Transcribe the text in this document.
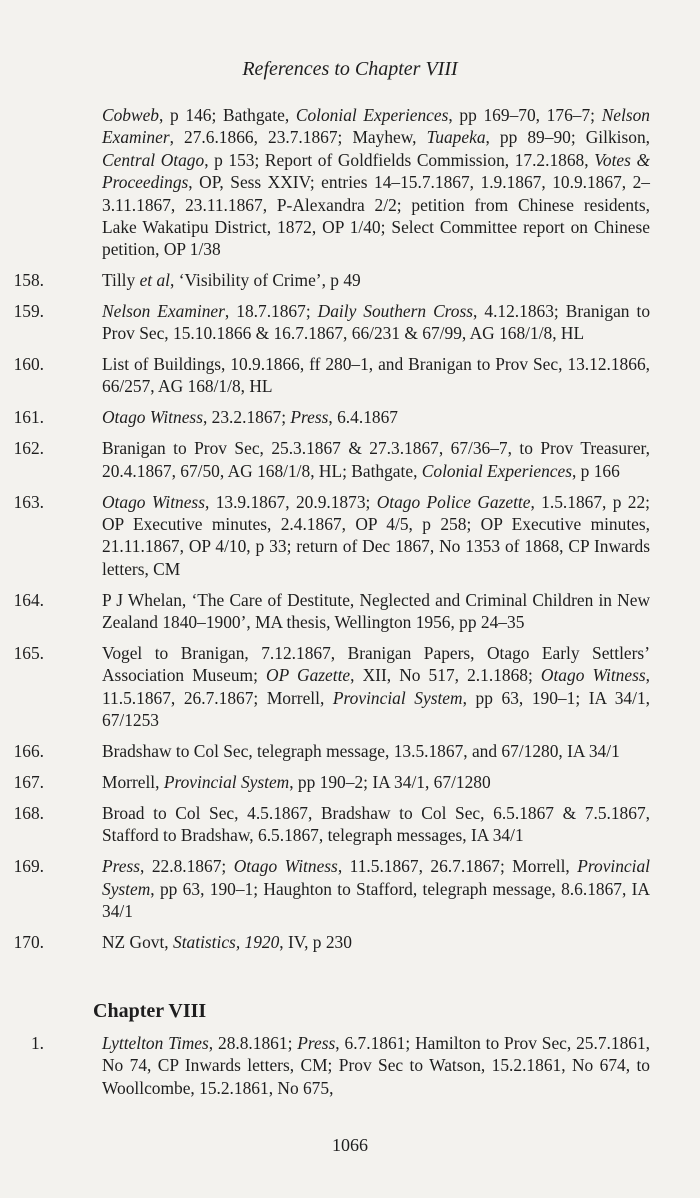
References to Chapter VIII
Cobweb, p 146; Bathgate, Colonial Experiences, pp 169–70, 176–7; Nelson Examiner, 27.6.1866, 23.7.1867; Mayhew, Tuapeka, pp 89–90; Gilkison, Central Otago, p 153; Report of Goldfields Commission, 17.2.1868, Votes & Proceedings, OP, Sess XXIV; entries 14–15.7.1867, 1.9.1867, 10.9.1867, 2–3.11.1867, 23.11.1867, P-Alexandra 2/2; petition from Chinese residents, Lake Wakatipu District, 1872, OP 1/40; Select Committee report on Chinese petition, OP 1/38
158.	Tilly et al, ‘Visibility of Crime’, p 49
159.	Nelson Examiner, 18.7.1867; Daily Southern Cross, 4.12.1863; Branigan to Prov Sec, 15.10.1866 & 16.7.1867, 66/231 & 67/99, AG 168/1/8, HL
160.	List of Buildings, 10.9.1866, ff 280–1, and Branigan to Prov Sec, 13.12.1866, 66/257, AG 168/1/8, HL
161.	Otago Witness, 23.2.1867; Press, 6.4.1867
162.	Branigan to Prov Sec, 25.3.1867 & 27.3.1867, 67/36–7, to Prov Treasurer, 20.4.1867, 67/50, AG 168/1/8, HL; Bathgate, Colonial Experiences, p 166
163.	Otago Witness, 13.9.1867, 20.9.1873; Otago Police Gazette, 1.5.1867, p 22; OP Executive minutes, 2.4.1867, OP 4/5, p 258; OP Executive minutes, 21.11.1867, OP 4/10, p 33; return of Dec 1867, No 1353 of 1868, CP Inwards letters, CM
164.	P J Whelan, ‘The Care of Destitute, Neglected and Criminal Children in New Zealand 1840–1900’, MA thesis, Wellington 1956, pp 24–35
165.	Vogel to Branigan, 7.12.1867, Branigan Papers, Otago Early Settlers’ Association Museum; OP Gazette, XII, No 517, 2.1.1868; Otago Witness, 11.5.1867, 26.7.1867; Morrell, Provincial System, pp 63, 190–1; IA 34/1, 67/1253
166.	Bradshaw to Col Sec, telegraph message, 13.5.1867, and 67/1280, IA 34/1
167.	Morrell, Provincial System, pp 190–2; IA 34/1, 67/1280
168.	Broad to Col Sec, 4.5.1867, Bradshaw to Col Sec, 6.5.1867 & 7.5.1867, Stafford to Bradshaw, 6.5.1867, telegraph messages, IA 34/1
169.	Press, 22.8.1867; Otago Witness, 11.5.1867, 26.7.1867; Morrell, Provincial System, pp 63, 190–1; Haughton to Stafford, telegraph message, 8.6.1867, IA 34/1
170.	NZ Govt, Statistics, 1920, IV, p 230
Chapter VIII
1.	Lyttelton Times, 28.8.1861; Press, 6.7.1861; Hamilton to Prov Sec, 25.7.1861, No 74, CP Inwards letters, CM; Prov Sec to Watson, 15.2.1861, No 674, to Woollcombe, 15.2.1861, No 675,
1066
